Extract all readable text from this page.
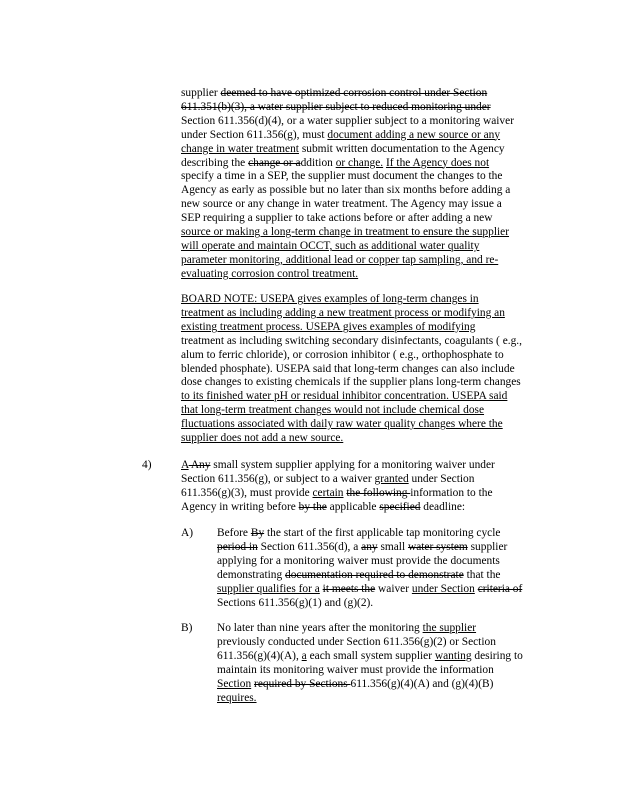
supplier deemed to have optimized corrosion control under Section
611.351(b)(3), a water supplier subject to reduced monitoring under
Section 611.356(d)(4), or a water supplier subject to a monitoring waiver
under Section 611.356(g), must document adding a new source or any
change in water treatment submit written documentation to the Agency
describing the change or addition or change. If the Agency does not
specify a time in a SEP, the supplier must document the changes to the
Agency as early as possible but no later than six months before adding a
new source or any change in water treatment. The Agency may issue a
SEP requiring a supplier to take actions before or after adding a new
source or making a long-term change in treatment to ensure the supplier
will operate and maintain OCCT, such as additional water quality
parameter monitoring, additional lead or copper tap sampling, and re-
evaluating corrosion control treatment.
BOARD NOTE: USEPA gives examples of long-term changes in
treatment as including adding a new treatment process or modifying an
existing treatment process. USEPA gives examples of modifying
treatment as including switching secondary disinfectants, coagulants ( e.g.,
alum to ferric chloride), or corrosion inhibitor ( e.g., orthophosphate to
blended phosphate). USEPA said that long-term changes can also include
dose changes to existing chemicals if the supplier plans long-term changes
to its finished water pH or residual inhibitor concentration. USEPA said
that long-term treatment changes would not include chemical dose
fluctuations associated with daily raw water quality changes where the
supplier does not add a new source.
4)	A Any small system supplier applying for a monitoring waiver under
Section 611.356(g), or subject to a waiver granted under Section
611.356(g)(3), must provide certain the following information to the
Agency in writing before by the applicable specified deadline:
A) Before By the start of the first applicable tap monitoring cycle
period in Section 611.356(d), a any small water system supplier
applying for a monitoring waiver must provide the documents
demonstrating documentation required to demonstrate that the
supplier qualifies for a it meets the waiver under Section criteria of
Sections 611.356(g)(1) and (g)(2).
B) No later than nine years after the monitoring the supplier
previously conducted under Section 611.356(g)(2) or Section
611.356(g)(4)(A), a each small system supplier wanting desiring to
maintain its monitoring waiver must provide the information
Section required by Sections 611.356(g)(4)(A) and (g)(4)(B)
requires.
